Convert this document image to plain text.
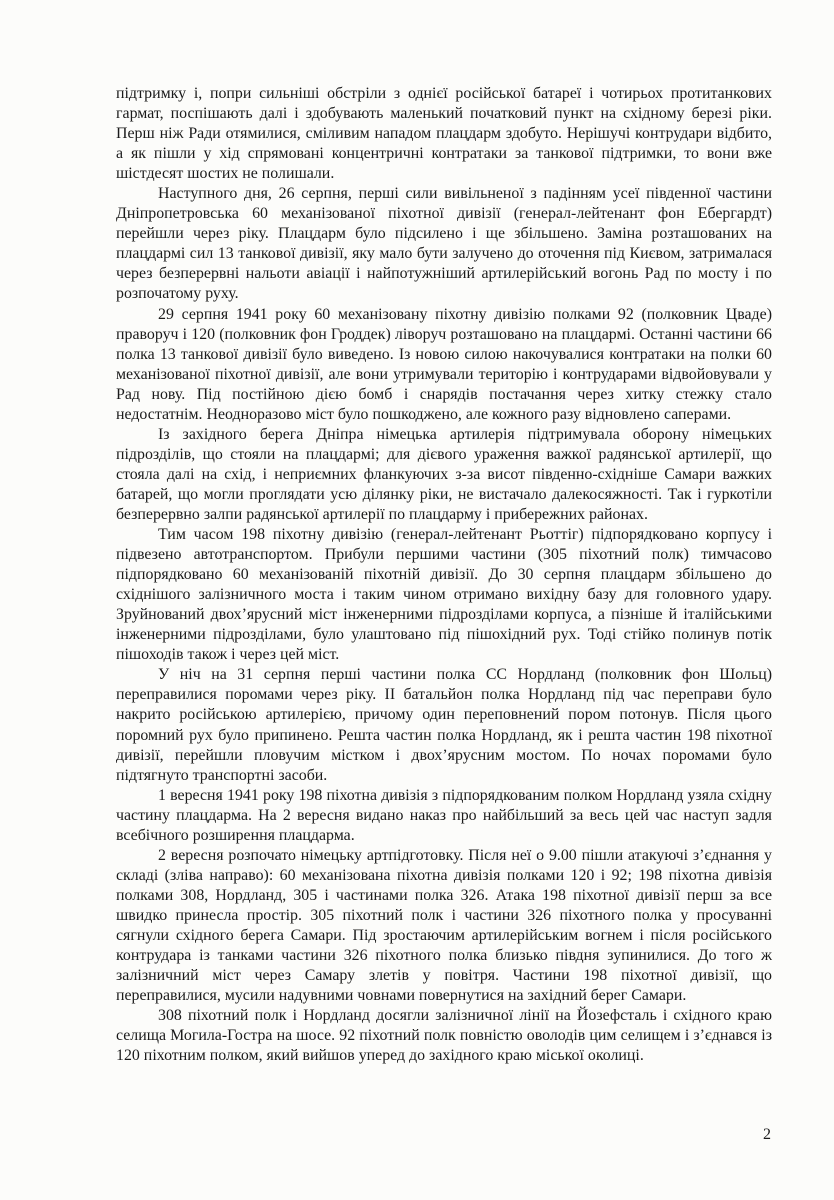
підтримку і, попри сильніші обстріли з однієї російської батареї і чотирьох протитанкових гармат, поспішають далі і здобувають маленький початковий пункт на східному березі ріки. Перш ніж Ради отямилися, сміливим нападом плацдарм здобуто. Нерішучі контрудари відбито, а як пішли у хід спрямовані концентричні контратаки за танкової підтримки, то вони вже шістдесят шостих не полишали.

Наступного дня, 26 серпня, перші сили вивільненої з падінням усеї південної частини Дніпропетровська 60 механізованої піхотної дивізії (генерал-лейтенант фон Ебергардт) перейшли через ріку. Плацдарм було підсилено і ще збільшено. Заміна розташованих на плацдармі сил 13 танкової дивізії, яку мало бути залучено до оточення під Києвом, затрималася через безперервні нальоти авіації і найпотужніший артилерійський вогонь Рад по мосту і по розпочатому руху.

29 серпня 1941 року 60 механізовану піхотну дивізію полками 92 (полковник Цваде) праворуч і 120 (полковник фон Гроддек) ліворуч розташовано на плацдармі. Останні частини 66 полка 13 танкової дивізії було виведено. Із новою силою накочувалися контратаки на полки 60 механізованої піхотної дивізії, але вони утримували територію і контрударами відвойовували у Рад нову. Під постійною дією бомб і снарядів постачання через хитку стежку стало недостатнім. Неодноразово міст було пошкоджено, але кожного разу відновлено саперами.

Із західного берега Дніпра німецька артилерія підтримувала оборону німецьких підрозділів, що стояли на плацдармі; для дієвого ураження важкої радянської артилерії, що стояла далі на схід, і неприємних фланкуючих з-за висот південно-східніше Самари важких батарей, що могли проглядати усю ділянку ріки, не вистачало далекосяжності. Так і гуркотіли безперервно залпи радянської артилерії по плацдарму і прибережних районах.

Тим часом 198 піхотну дивізію (генерал-лейтенант Рьоттіг) підпорядковано корпусу і підвезено автотранспортом. Прибули першими частини (305 піхотний полк) тимчасово підпорядковано 60 механізованій піхотній дивізії. До 30 серпня плацдарм збільшено до східнішого залізничного моста і таким чином отримано вихідну базу для головного удару. Зруйнований двох’ярусний міст інженерними підрозділами корпуса, а пізніше й італійськими інженерними підрозділами, було улаштовано під пішохідний рух. Тоді стійко полинув потік пішоходів також і через цей міст.

У ніч на 31 серпня перші частини полка СС Нордланд (полковник фон Шольц) переправилися поромами через ріку. II батальйон полка Нордланд під час переправи було накрито російською артилерією, причому один переповнений пором потонув. Після цього поромний рух було припинено. Решта частин полка Нордланд, як і решта частин 198 піхотної дивізії, перейшли пловучим містком і двох’ярусним мостом. По ночах поромами було підтягнуто транспортні засоби.

1 вересня 1941 року 198 піхотна дивізія з підпорядкованим полком Нордланд узяла східну частину плацдарма. На 2 вересня видано наказ про найбільший за весь цей час наступ задля всебічного розширення плацдарма.

2 вересня розпочато німецьку артпідготовку. Після неї о 9.00 пішли атакуючі з’єднання у складі (зліва направо): 60 механізована піхотна дивізія полками 120 і 92; 198 піхотна дивізія полками 308, Нордланд, 305 і частинами полка 326. Атака 198 піхотної дивізії перш за все швидко принесла простір. 305 піхотний полк і частини 326 піхотного полка у просуванні сягнули східного берега Самари. Під зростаючим артилерійським вогнем і після російського контрудара із танками частини 326 піхотного полка близько півдня зупинилися. До того ж залізничний міст через Самару злетів у повітря. Частини 198 піхотної дивізії, що переправилися, мусили надувними човнами повернутися на західний берег Самари.

308 піхотний полк і Нордланд досягли залізничної лінії на Йозефсталь і східного краю селища Могила-Гостра на шосе. 92 піхотний полк повністю оволодів цим селищем і з’єднався із 120 піхотним полком, який вийшов уперед до західного краю міської околиці.

2
